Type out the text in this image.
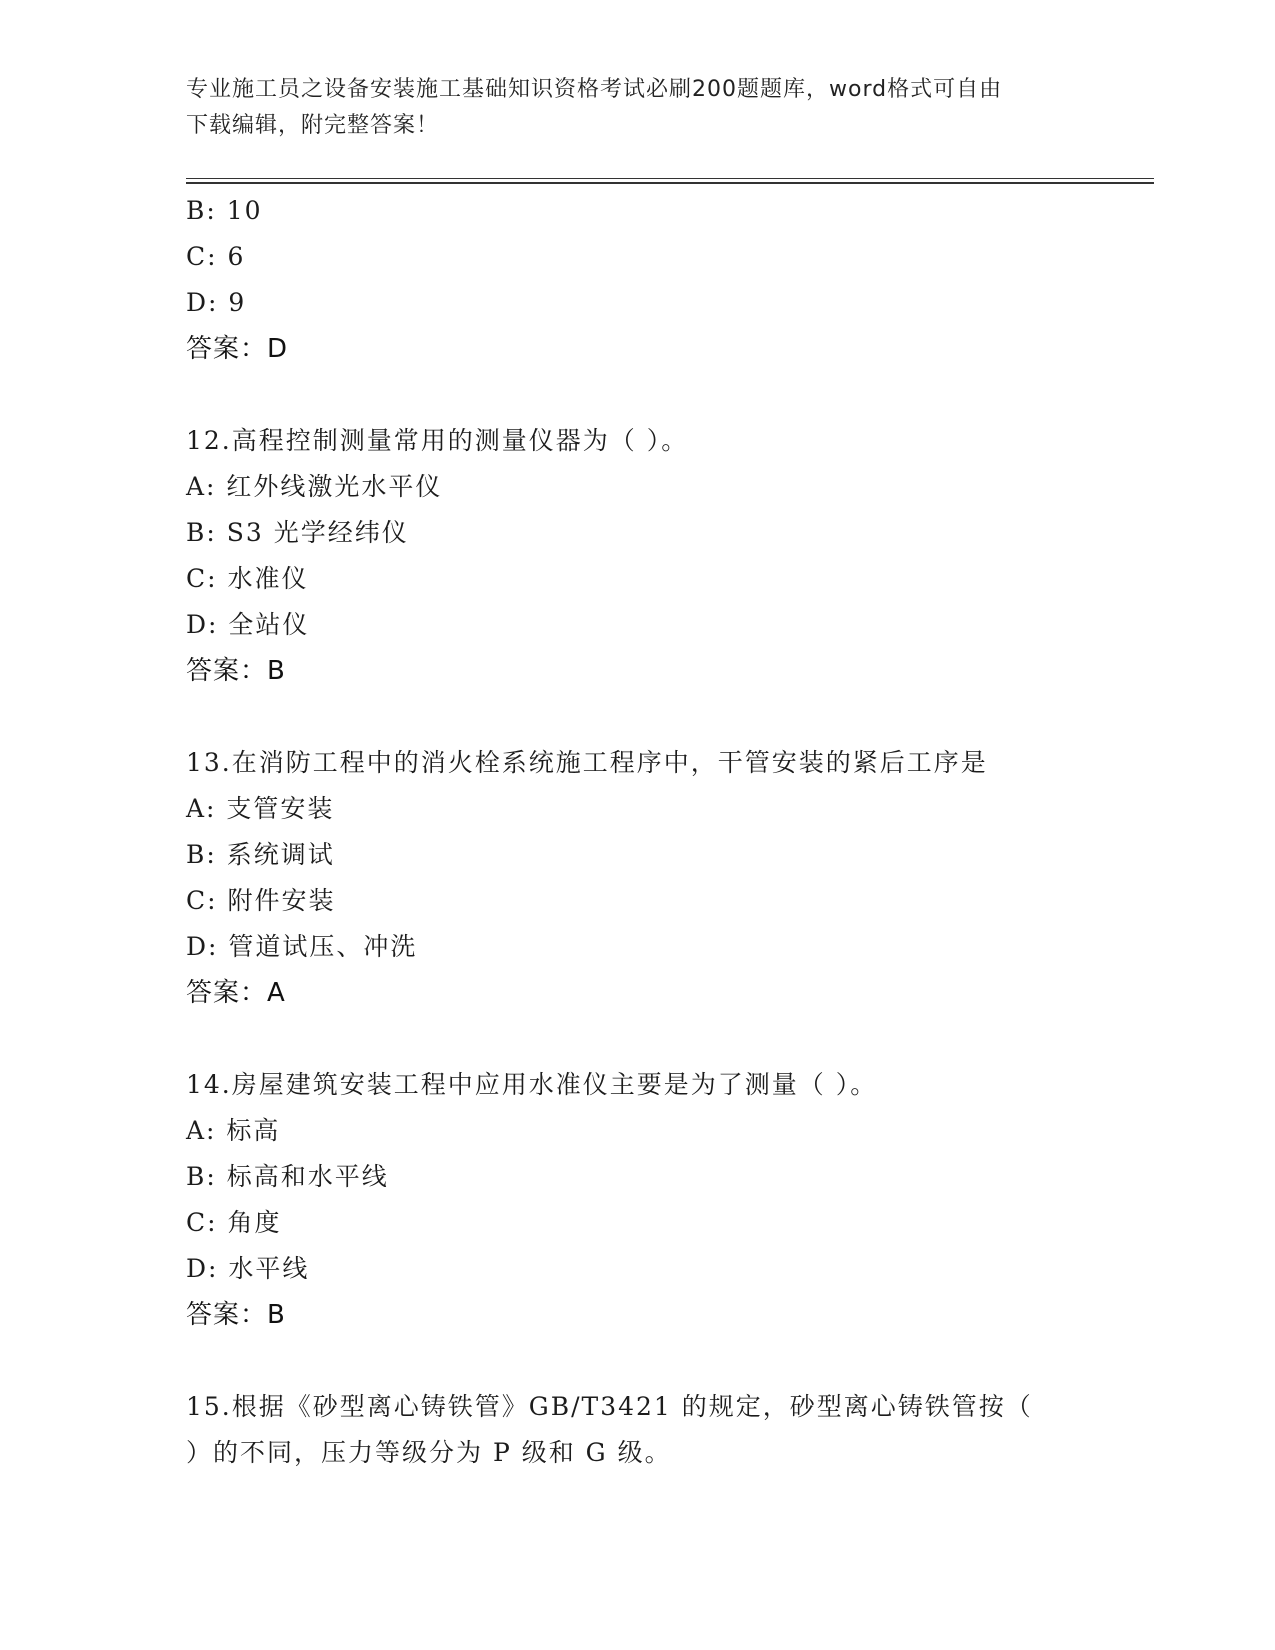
专业施工员之设备安装施工基础知识资格考试必刷200题题库，word格式可自由
下载编辑，附完整答案！
B: 10
C: 6
D: 9
答案：D
12.高程控制测量常用的测量仪器为（ ）。
A: 红外线激光水平仪
B: S3 光学经纬仪
C: 水准仪
D: 全站仪
答案：B
13.在消防工程中的消火栓系统施工程序中，干管安装的紧后工序是
A: 支管安装
B: 系统调试
C: 附件安装
D: 管道试压、冲洗
答案：A
14.房屋建筑安装工程中应用水准仪主要是为了测量（ ）。
A: 标高
B: 标高和水平线
C: 角度
D: 水平线
答案：B
15.根据《砂型离心铸铁管》GB/T3421 的规定，砂型离心铸铁管按（
）的不同，压力等级分为 P 级和 G 级。
